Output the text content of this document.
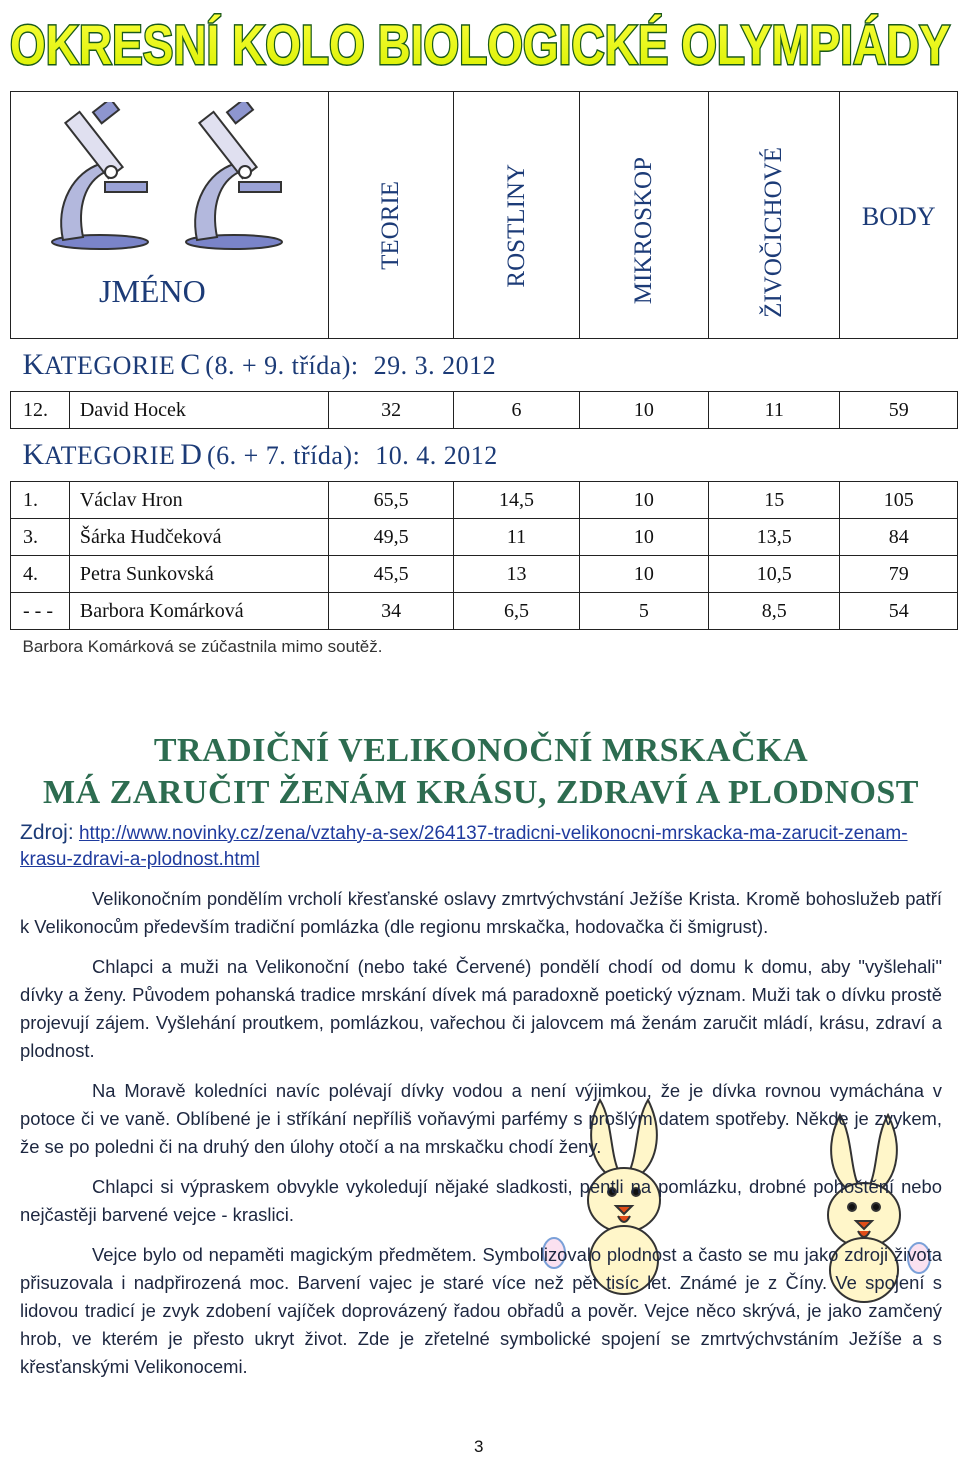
OKRESNÍ KOLO BIOLOGICKÉ OLYMPIÁDY
JMÉNO		TEORIE	ROSTLINY	MIKROSKOP	ŽIVOČICHOVÉ	BODY

KATEGORIE C (8. + 9. třída): 29. 3. 2012						
12.	David Hocek	32	6	10	11	59
KATEGORIE D (6. + 7. třída): 10. 4. 2012						
1.	Václav Hron	65,5	14,5	10	15	105
3.	Šárka Hudčeková	49,5	11	10	13,5	84
4.	Petra Sunkovská	45,5	13	10	10,5	79
- - -	Barbora Komárková	34	6,5	5	8,5	54
Barbora Komárková se zúčastnila mimo soutěž.						
TRADIČNÍ VELIKONOČNÍ MRSKAČKA
MÁ ZARUČIT ŽENÁM KRÁSU, ZDRAVÍ A PLODNOST
Zdroj: http://www.novinky.cz/zena/vztahy-a-sex/264137-tradicni-velikonocni-mrskacka-ma-zarucit-zenam-krasu-zdravi-a-plodnost.html

Velikonočním pondělím vrcholí křesťanské oslavy zmrtvýchvstání Ježíše Krista. Kromě bohoslužeb patří k Velikonocům především tradiční pomlázka (dle regionu mrskačka, hodovačka či šmigrust).

Chlapci a muži na Velikonoční (nebo také Červené) pondělí chodí od domu k domu, aby "vyšlehali" dívky a ženy. Původem pohanská tradice mrskání dívek má paradoxně poetický význam. Muži tak o dívku prostě projevují zájem. Vyšlehání proutkem, pomlázkou, vařechou či jalovcem má ženám zaručit mládí, krásu, zdraví a plodnost.

Na Moravě koledníci navíc polévají dívky vodou a není výjimkou, že je dívka rovnou vymáchána v potoce či ve vaně. Oblíbené je i stříkání nepříliš voňavými parfémy s prošlým datem spotřeby. Někde je zvykem, že se po poledni či na druhý den úlohy otočí a na mrskačku chodí ženy.

Chlapci si výpraskem obvykle vykoledují nějaké sladkosti, pentli na pomlázku, drobné pohoštění nebo nejčastěji barvené vejce - kraslici.

Vejce bylo od nepaměti magickým předmětem. Symbolizovalo plodnost a často se mu jako zdroji života přisuzovala i nadpřirozená moc. Barvení vajec je staré více než pět tisíc let. Známé je z Číny. Ve spojení s lidovou tradicí je zvyk zdobení vajíček doprovázený řadou obřadů a pověr. Vejce něco skrývá, je jako zamčený hrob, ve kterém je přesto ukryt život. Zde je zřetelné symbolické spojení se zmrtvýchvstáním Ježíše a s křesťanskými Velikonocemi.

3
